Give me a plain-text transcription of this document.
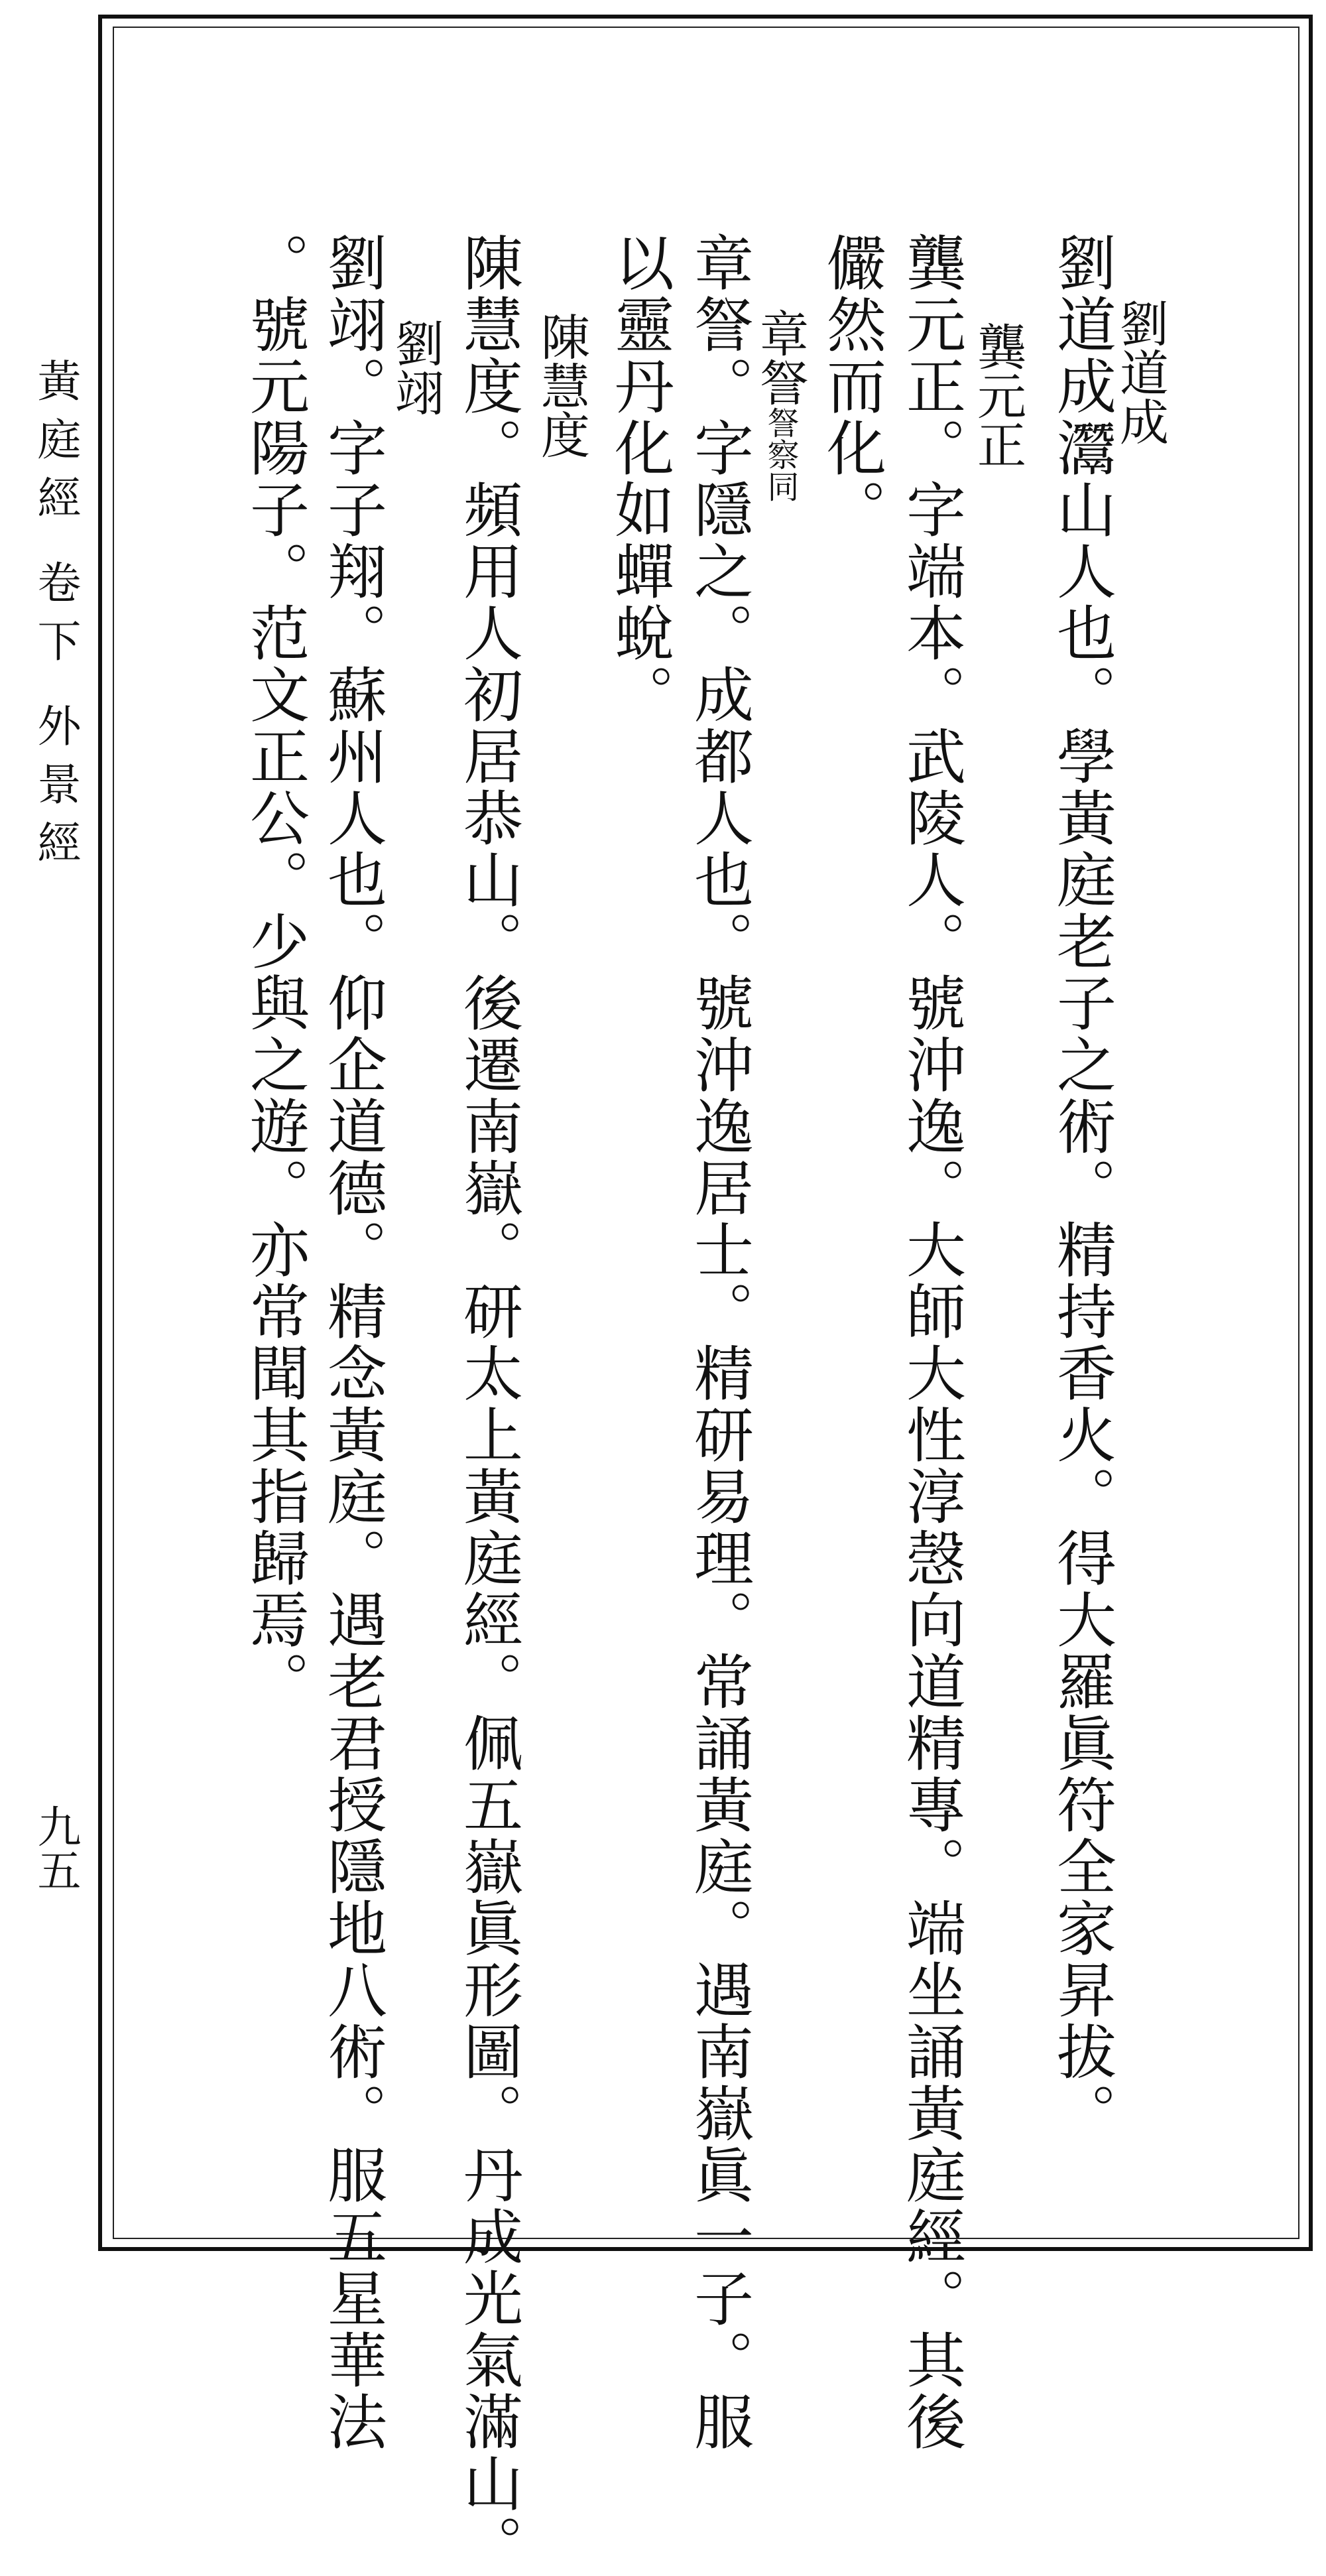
黃庭經卷下外景經
九五
劉道成
劉道成灊山人也。學黃庭老子之術。精持香火。得大羅眞符全家昇拔。
龔元正
龔元正。字端本。武陵人。號沖逸。大師大性淳愨向道精專。端坐誦黃庭經。其後
儼然而化。
章詧詧察同
章詧。字隱之。成都人也。號沖逸居士。精研易理。常誦黃庭。遇南嶽眞一子。服
以靈丹化如蟬蛻。
陳慧度
陳慧度。頻用人初居恭山。後遷南嶽。研太上黃庭經。佩五嶽眞形圖。丹成光氣滿山。
劉翊
劉翊。字子翔。蘇州人也。仰企道德。精念黃庭。遇老君授隱地八術。服五星華法
。號元陽子。范文正公。少與之遊。亦常聞其指歸焉。
